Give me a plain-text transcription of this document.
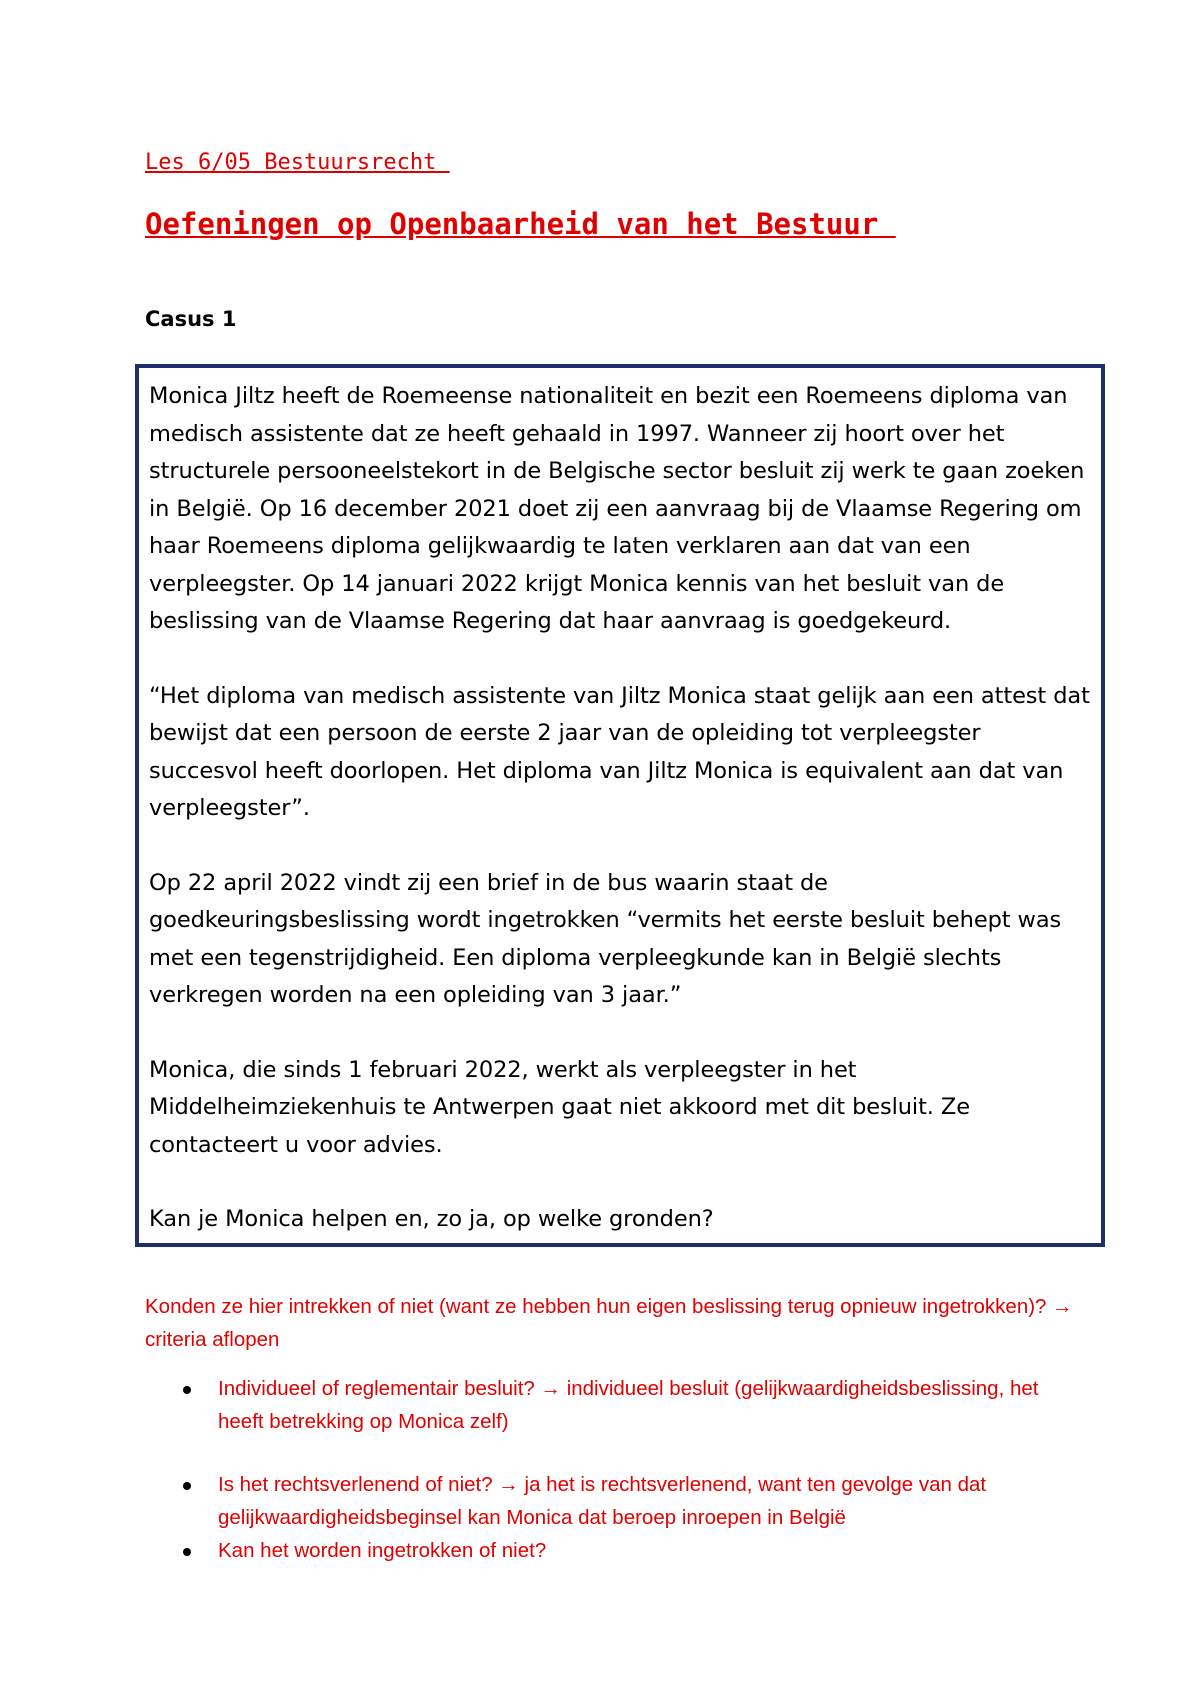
Les 6/05 Bestuursrecht
Oefeningen op Openbaarheid van het Bestuur
Casus 1

Monica Jiltz heeft de Roemeense nationaliteit en bezit een Roemeens diploma van medisch assistente dat ze heeft gehaald in 1997. Wanneer zij hoort over het structurele persooneelstekort in de Belgische sector besluit zij werk te gaan zoeken in België. Op 16 december 2021 doet zij een aanvraag bij de Vlaamse Regering om haar Roemeens diploma gelijkwaardig te laten verklaren aan dat van een verpleegster. Op 14 januari 2022 krijgt Monica kennis van het besluit van de beslissing van de Vlaamse Regering dat haar aanvraag is goedgekeurd.

“Het diploma van medisch assistente van Jiltz Monica staat gelijk aan een attest dat bewijst dat een persoon de eerste 2 jaar van de opleiding tot verpleegster succesvol heeft doorlopen. Het diploma van Jiltz Monica is equivalent aan dat van verpleegster”.

Op 22 april 2022 vindt zij een brief in de bus waarin staat de goedkeuringsbeslissing wordt ingetrokken “vermits het eerste besluit behept was met een tegenstrijdigheid. Een diploma verpleegkunde kan in België slechts verkregen worden na een opleiding van 3 jaar.”

Monica, die sinds 1 februari 2022, werkt als verpleegster in het Middelheimziekenhuis te Antwerpen gaat niet akkoord met dit besluit. Ze contacteert u voor advies.

Kan je Monica helpen en, zo ja, op welke gronden?

Konden ze hier intrekken of niet (want ze hebben hun eigen beslissing terug opnieuw ingetrokken)? → criteria aflopen

Individueel of reglementair besluit? → individueel besluit (gelijkwaardigheidsbeslissing, het heeft betrekking op Monica zelf)
Is het rechtsverlenend of niet? → ja het is rechtsverlenend, want ten gevolge van dat gelijkwaardigheidsbeginsel kan Monica dat beroep inroepen in België
Kan het worden ingetrokken of niet?
